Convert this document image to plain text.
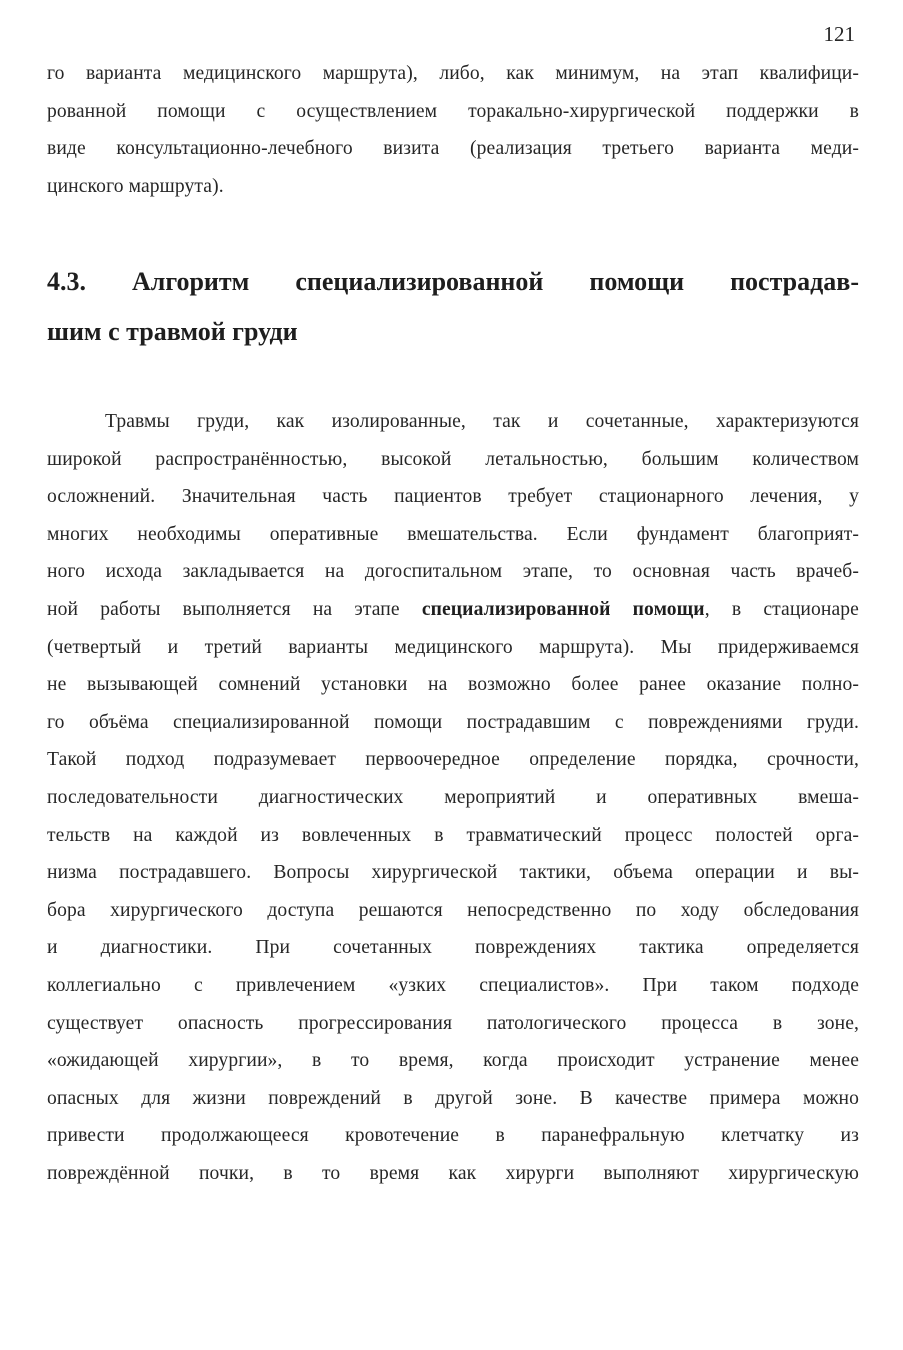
121
го варианта медицинского маршрута), либо, как минимум, на этап квалифици-
рованной помощи с осуществлением торакально-хирургической поддержки в
виде консультационно-лечебного визита (реализация третьего варианта меди-
цинского маршрута).
4.3. Алгоритм специализированной помощи пострадав-
шим с травмой груди
Травмы груди, как изолированные, так и сочетанные, характеризуются
широкой распространённостью, высокой летальностью, большим количеством
осложнений. Значительная часть пациентов требует стационарного лечения, у
многих необходимы оперативные вмешательства. Если фундамент благоприят-
ного исхода закладывается на догоспитальном этапе, то основная часть врачеб-
ной работы выполняется на этапе специализированной помощи, в стационаре
(четвертый и третий варианты медицинского маршрута). Мы придерживаемся
не вызывающей сомнений установки на возможно более ранее оказание полно-
го объёма специализированной помощи пострадавшим с повреждениями груди.
Такой подход подразумевает первоочередное определение порядка, срочности,
последовательности диагностических мероприятий и оперативных вмеша-
тельств на каждой из вовлеченных в травматический процесс полостей орга-
низма пострадавшего. Вопросы хирургической тактики, объема операции и вы-
бора хирургического доступа решаются непосредственно по ходу обследования
и диагностики. При сочетанных повреждениях тактика определяется
коллегиально с привлечением «узких специалистов». При таком подходе
существует опасность прогрессирования патологического процесса в зоне,
«ожидающей хирургии», в то время, когда происходит устранение менее
опасных для жизни повреждений в другой зоне. В качестве примера можно
привести продолжающееся кровотечение в паранефральную клетчатку из
повреждённой почки, в то время как хирурги выполняют хирургическую
